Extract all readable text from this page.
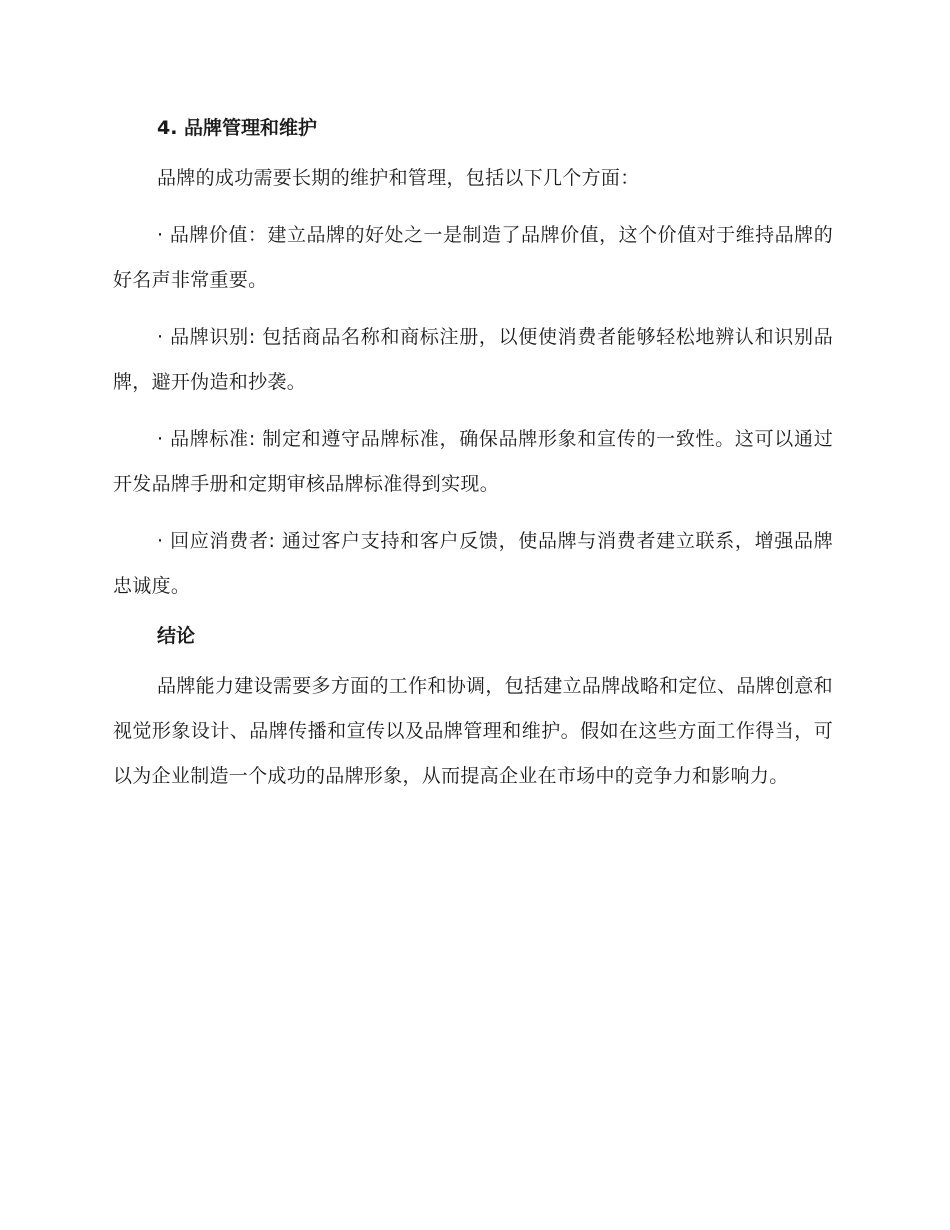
4. 品牌管理和维护

品牌的成功需要长期的维护和管理，包括以下几个方面：

· 品牌价值：建立品牌的好处之一是制造了品牌价值，这个价值对于维持品牌的好名声非常重要。

· 品牌识别: 包括商品名称和商标注册，以便使消费者能够轻松地辨认和识别品牌，避开伪造和抄袭。

· 品牌标准: 制定和遵守品牌标准，确保品牌形象和宣传的一致性。这可以通过开发品牌手册和定期审核品牌标准得到实现。

· 回应消费者: 通过客户支持和客户反馈，使品牌与消费者建立联系，增强品牌忠诚度。

结论

品牌能力建设需要多方面的工作和协调，包括建立品牌战略和定位、品牌创意和视觉形象设计、品牌传播和宣传以及品牌管理和维护。假如在这些方面工作得当，可以为企业制造一个成功的品牌形象，从而提高企业在市场中的竞争力和影响力。
